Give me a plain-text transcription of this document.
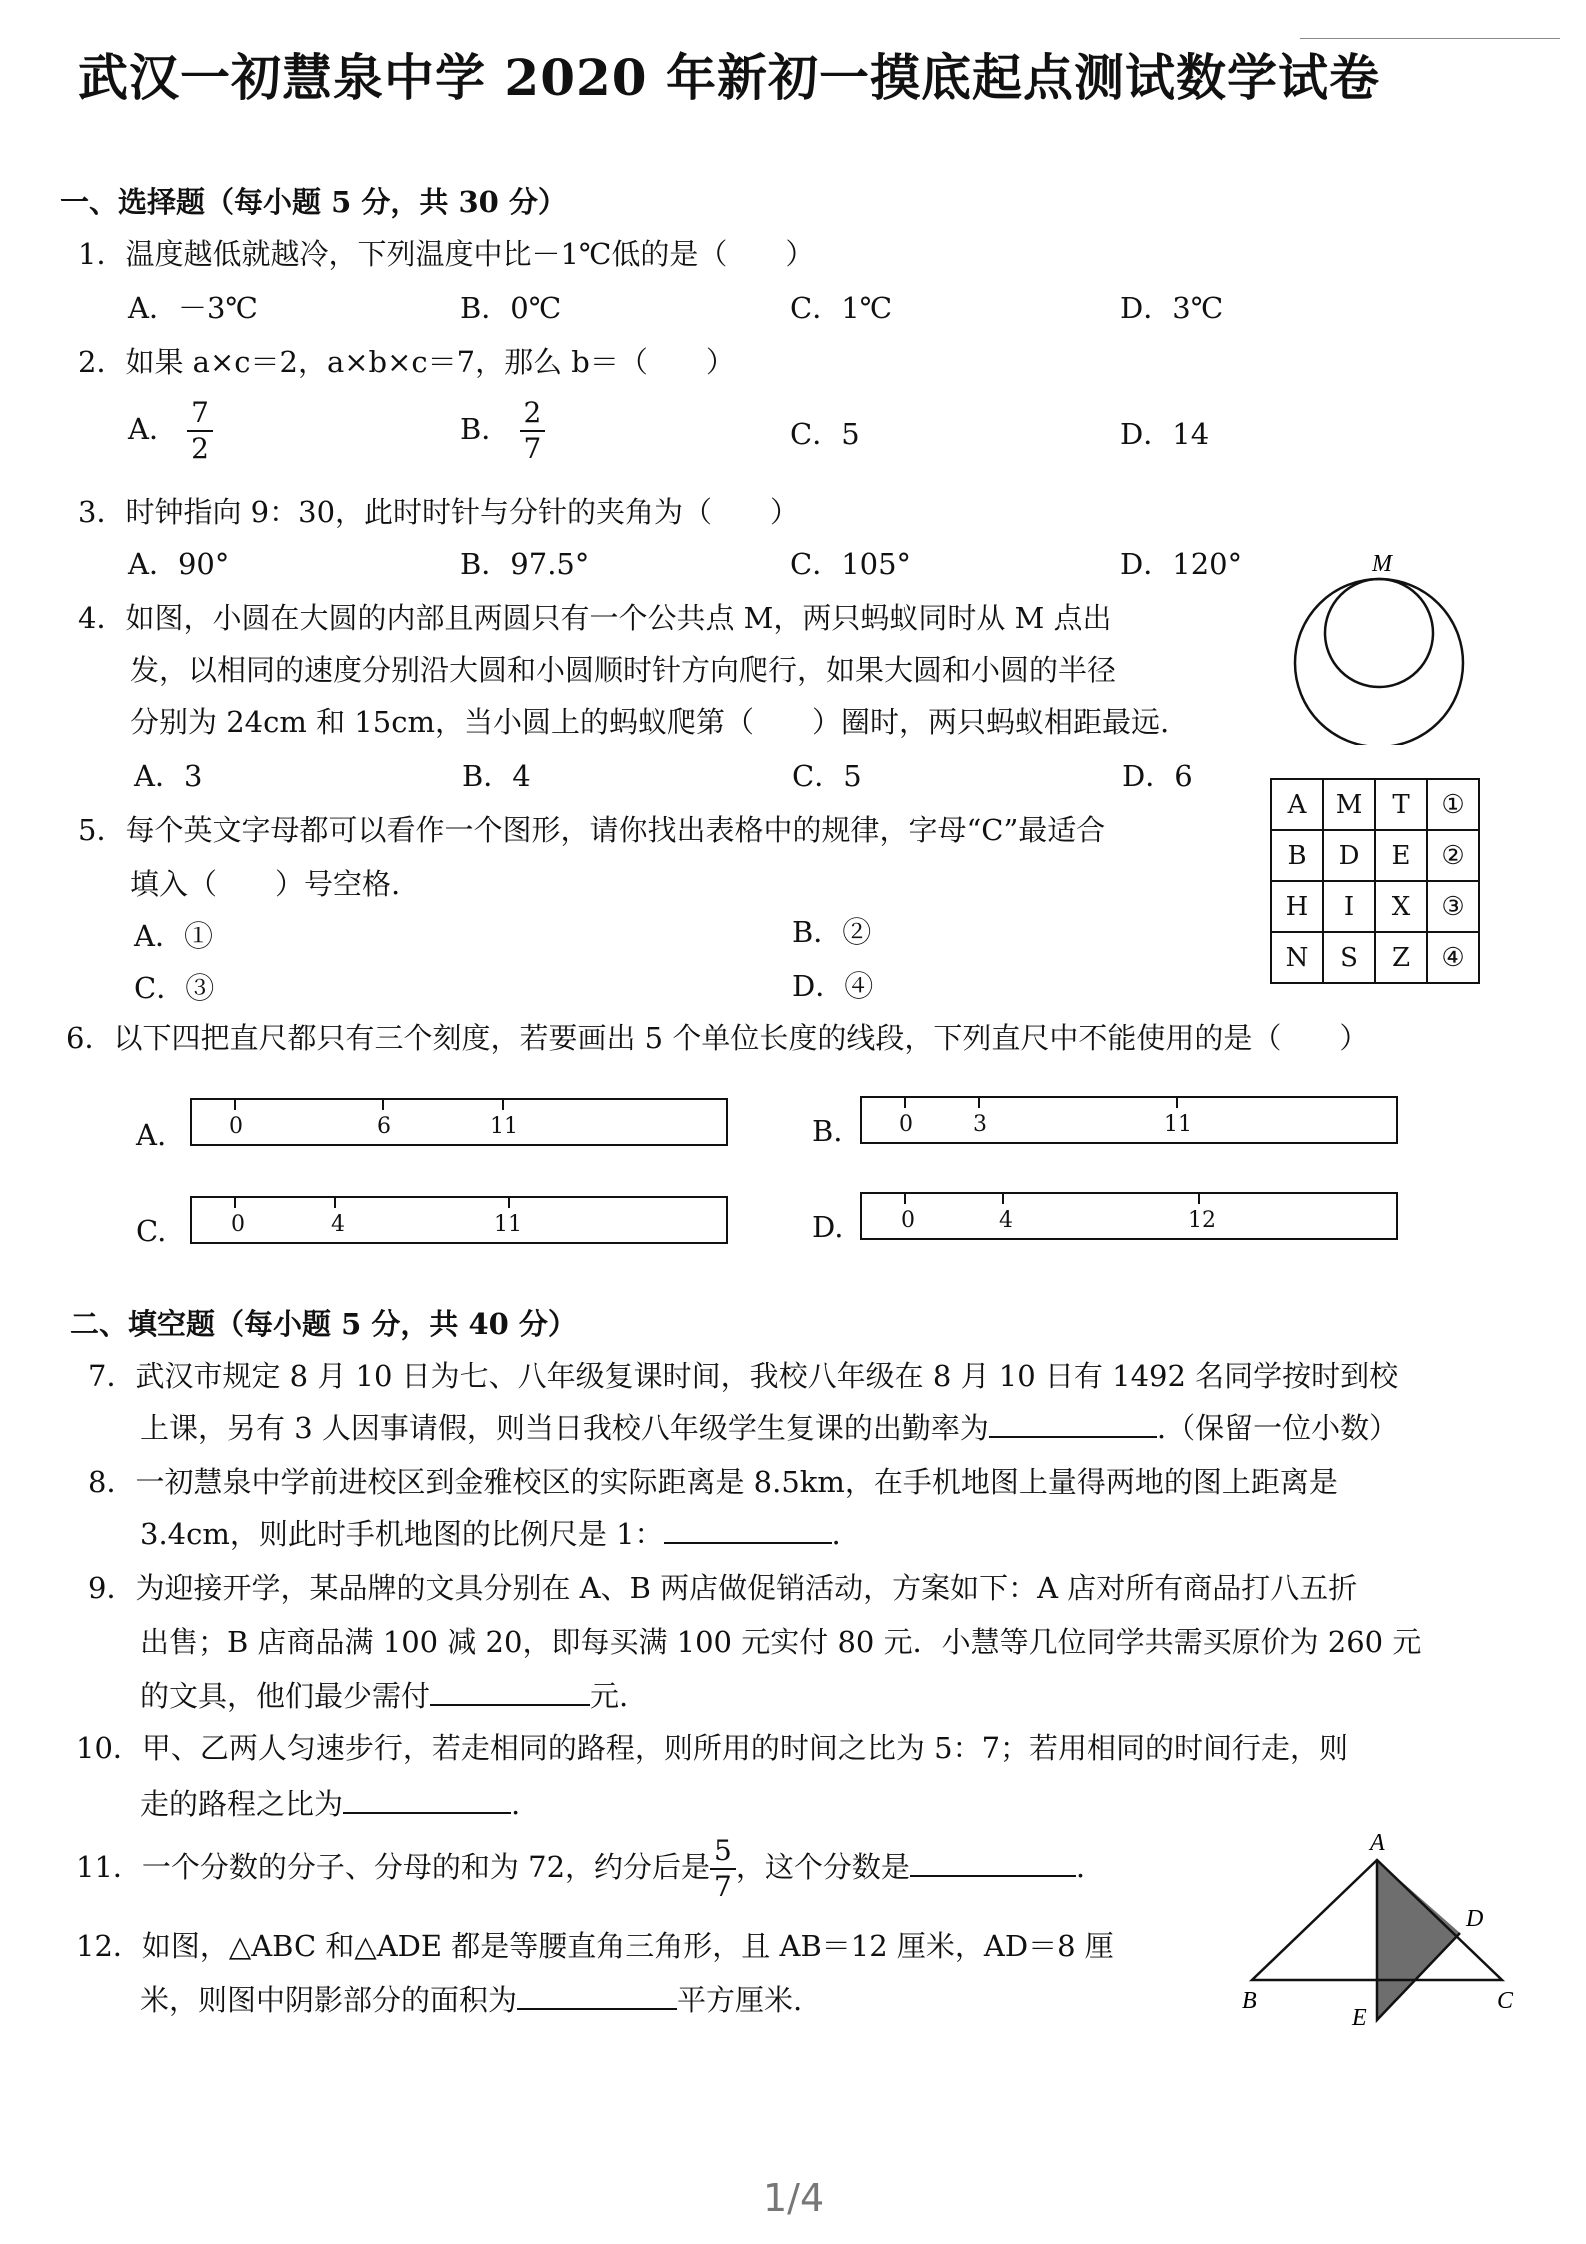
武汉一初慧泉中学 2020 年新初一摸底起点测试数学试卷
一、选择题（每小题 5 分，共 30 分）
1．温度越低就越冷，下列温度中比－1℃低的是（　　）
A．－3℃	B．0℃	C．1℃	D．3℃
2．如果 a×c＝2，a×b×c＝7，那么 b＝（　　）
A． $\frac{7}{2}$	B． $\frac{2}{7}$	C．5	D．14
3．时钟指向 9：30，此时时针与分针的夹角为（　　）
A．90°	B．97.5°	C．105°	D．120°
4．如图，小圆在大圆的内部且两圆只有一个公共点 M，两只蚂蚁同时从 M 点出
发，以相同的速度分别沿大圆和小圆顺时针方向爬行，如果大圆和小圆的半径
分别为 24cm 和 15cm，当小圆上的蚂蚁爬第（　　）圈时，两只蚂蚁相距最远.
A．3	B．4	C．5	D．6
M
5．每个英文字母都可以看作一个图形，请你找出表格中的规律，字母“C”最适合
填入（　　）号空格.
A．①	B．②
C．③	D．④
A	M	T	①
B	D	E	②
H	I	X	③
N	S	Z	④
6．以下四把直尺都只有三个刻度，若要画出 5 个单位长度的线段，下列直尺中不能使用的是（　　）
A.	0	6	11	B.	0	3	11
C.	0	4	11	D.	0	4	12
二、填空题（每小题 5 分，共 40 分）
7．武汉市规定 8 月 10 日为七、八年级复课时间，我校八年级在 8 月 10 日有 1492 名同学按时到校
上课，另有 3 人因事请假，则当日我校八年级学生复课的出勤率为	.（保留一位小数）
8．一初慧泉中学前进校区到金雅校区的实际距离是 8.5km，在手机地图上量得两地的图上距离是
3.4cm，则此时手机地图的比例尺是 1：	.
9．为迎接开学，某品牌的文具分别在 A、B 两店做促销活动，方案如下：A 店对所有商品打八五折
出售；B 店商品满 100 减 20，即每买满 100 元实付 80 元．小慧等几位同学共需买原价为 260 元
的文具，他们最少需付	元.
10．甲、乙两人匀速步行，若走相同的路程，则所用的时间之比为 5：7；若用相同的时间行走，则
走的路程之比为	.
11．一个分数的分子、分母的和为 72，约分后是 $\frac{5}{7}$ ，这个分数是	.
12．如图，△ABC 和△ADE 都是等腰直角三角形，且 AB＝12 厘米，AD＝8 厘
米，则图中阴影部分的面积为	平方厘米.
A
B	C
D
E
1/4
